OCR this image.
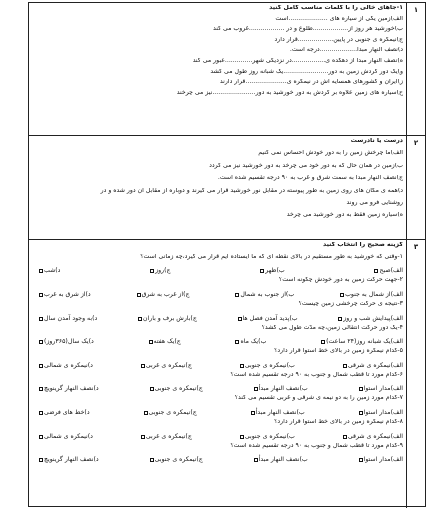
۱
۱-جاهای خالی را با کلمات مناسب کامل کنید
الف)زمین یکی از سیاره های ....................است
ب)خورشید هر روز از..................طلوع و در ..................غروب می کند
ج)نیمکره ی جنوبی در پایین..................قرار دارد
د)نصف النهار مبدأ...................درجه است.
ه)نصف النهار مبدأ از دهکده ی.................در نزدیکی شهر..............عبور می کند
و)یک دور گردش زمین به دور.......................یک شبانه روز طول می کشد
ز)ایران و کشورهای همسایه اش در نیمکره ی.....................قرار دارند
ح)سیاره های زمین علاوه بر گردش به دور خورشید به دور......................نیز می چرخند
۲
درست یا نادرست
الف)ما چرخش زمین را به دور خودش احساس نمی کنیم
ب)زمین در همان حال که به دور خود می چرخد به دور خورشید نیز می گردد
ج)نصف النهار مبدأ به سمت شرق و غرب به ۹۰ درجه تقسیم شده است.
د)همه ی مکان های روی زمین به طور پیوسته در مقابل نور خورشید قرار می گیرند و دوباره از مقابل آن دور شده و در
روشنایی فرو می روند
ه)سیاره زمین فقط به دور خورشید می چرخد
۳
گزینه صحیح را انتخاب کنید
۱-وقتی که خورشید به طور مستقیم در بالای نقطه ای که ما ایستاده ایم قرار می گیرد،چه زمانی است؟
الف)صبح
ب)ظهر
ج)روز
د)شب
۲-جهت حرکت زمین به دور خودش چگونه است؟
الف)از شمال به جنوب
ب)از جنوب به شمال
ج)از غرب به شرق
د)از شرق به غرب
۳-نتیجه ی حرکت چرخشی زمین چیست؟
الف)پیدایش شب و روز
ب)پدید آمدن فصل ها
ج)بارش برف و باران
د)به وجود آمدن سال
۴-یک دور حرکت انتقالی زمین،چه مدّت طول می کشد؟
الف)یک شبانه روز(۲۴ ساعت)
ب)یک ماه
ج)یک هفته
د)یک سال(۳۶۵روز)
۵-کدام نیمکره زمین در بالای خط استوا قرار دارد؟
الف)نیمکره ی شرقی
ب)نیمکره ی جنوبی
ج)نیمکره ی غربی
د)نیمکره ی شمالی
۶-کدام مورد تا قطب شمال و جنوب به ۹۰ درجه تقسیم شده است؟
الف)مدار استوا
ب)نصف النهار مبدأ
ج)نیمکره ی جنوبی
د)نصف النهار گرینویچ
۷-کدام مورد زمین را به دو نیمه ی شرقی و غربی تقسیم می کند؟
الف)مدار استوا
ب)نصف النهار مبدأ
ج)نیمکره ی جنوبی
د)خط های فرضی
۸-کدام نیمکره زمین در بالای خط استوا قرار دارد؟
الف)نیمکره ی شرقی
ب)نیمکره ی جنوبی
ج)نیمکره ی غربی
د)نیمکره ی شمالی
۹-کدام مورد تا قطب شمال و جنوب به ۹۰ درجه تقسیم شده است؟
الف)مدار استوا
ب)نصف النهار مبدأ
ج)نیمکره ی جنوبی
د)نصف النهار گرینویچ
